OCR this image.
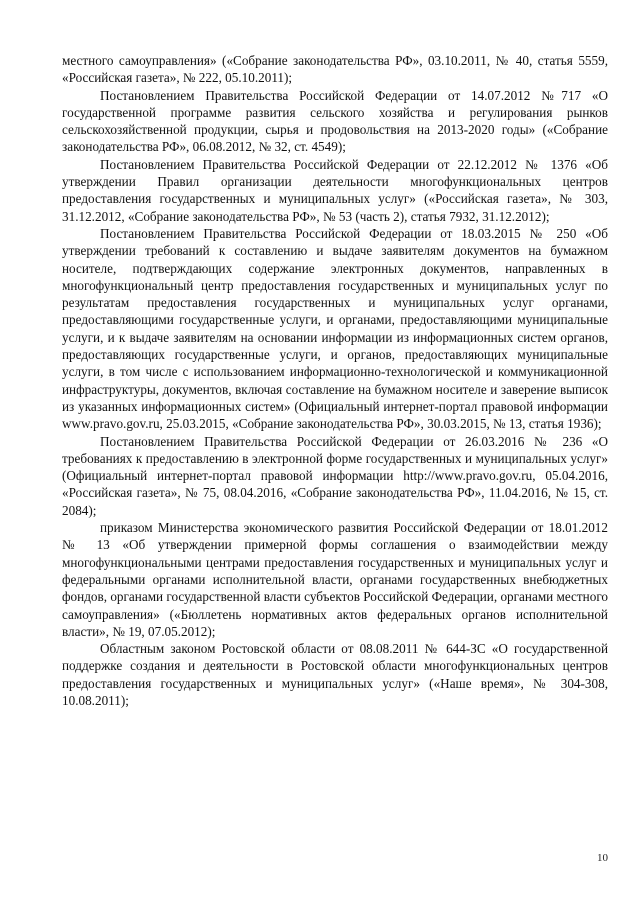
местного самоуправления» («Собрание законодательства РФ», 03.10.2011, № 40, статья 5559, «Российская газета», № 222, 05.10.2011);

Постановлением Правительства Российской Федерации от 14.07.2012 №717 «О государственной программе развития сельского хозяйства и регулирования рынков сельскохозяйственной продукции, сырья и продовольствия на 2013-2020 годы» («Собрание законодательства РФ», 06.08.2012, № 32, ст. 4549);

Постановлением Правительства Российской Федерации от 22.12.2012 № 1376 «Об утверждении Правил организации деятельности многофункциональных центров предоставления государственных и муниципальных услуг» («Российская газета», № 303, 31.12.2012, «Собрание законодательства РФ», № 53 (часть 2), статья 7932, 31.12.2012);

Постановлением Правительства Российской Федерации от 18.03.2015 № 250 «Об утверждении требований к составлению и выдаче заявителям документов на бумажном носителе, подтверждающих содержание электронных документов, направленных в многофункциональный центр предоставления государственных и муниципальных услуг по результатам предоставления государственных и муниципальных услуг органами, предоставляющими государственные услуги, и органами, предоставляющими муниципальные услуги, и к выдаче заявителям на основании информации из информационных систем органов, предоставляющих государственные услуги, и органов, предоставляющих муниципальные услуги, в том числе с использованием информационно-технологической и коммуникационной инфраструктуры, документов, включая составление на бумажном носителе и заверение выписок из указанных информационных систем» (Официальный интернет-портал правовой информации www.pravo.gov.ru, 25.03.2015, «Собрание законодательства РФ», 30.03.2015, № 13, статья 1936);

Постановлением Правительства Российской Федерации от 26.03.2016 № 236 «О требованиях к предоставлению в электронной форме государственных и муниципальных услуг» (Официальный интернет-портал правовой информации http://www.pravo.gov.ru, 05.04.2016, «Российская газета», № 75, 08.04.2016, «Собрание законодательства РФ», 11.04.2016, № 15, ст. 2084);

приказом Министерства экономического развития Российской Федерации от 18.01.2012 № 13 «Об утверждении примерной формы соглашения о взаимодействии между многофункциональными центрами предоставления государственных и муниципальных услуг и федеральными органами исполнительной власти, органами государственных внебюджетных фондов, органами государственной власти субъектов Российской Федерации, органами местного самоуправления» («Бюллетень нормативных актов федеральных органов исполнительной власти», № 19, 07.05.2012);

Областным законом Ростовской области от 08.08.2011 № 644-ЗС «О государственной поддержке создания и деятельности в Ростовской области многофункциональных центров предоставления государственных и муниципальных услуг» («Наше время», № 304-308, 10.08.2011);

10
